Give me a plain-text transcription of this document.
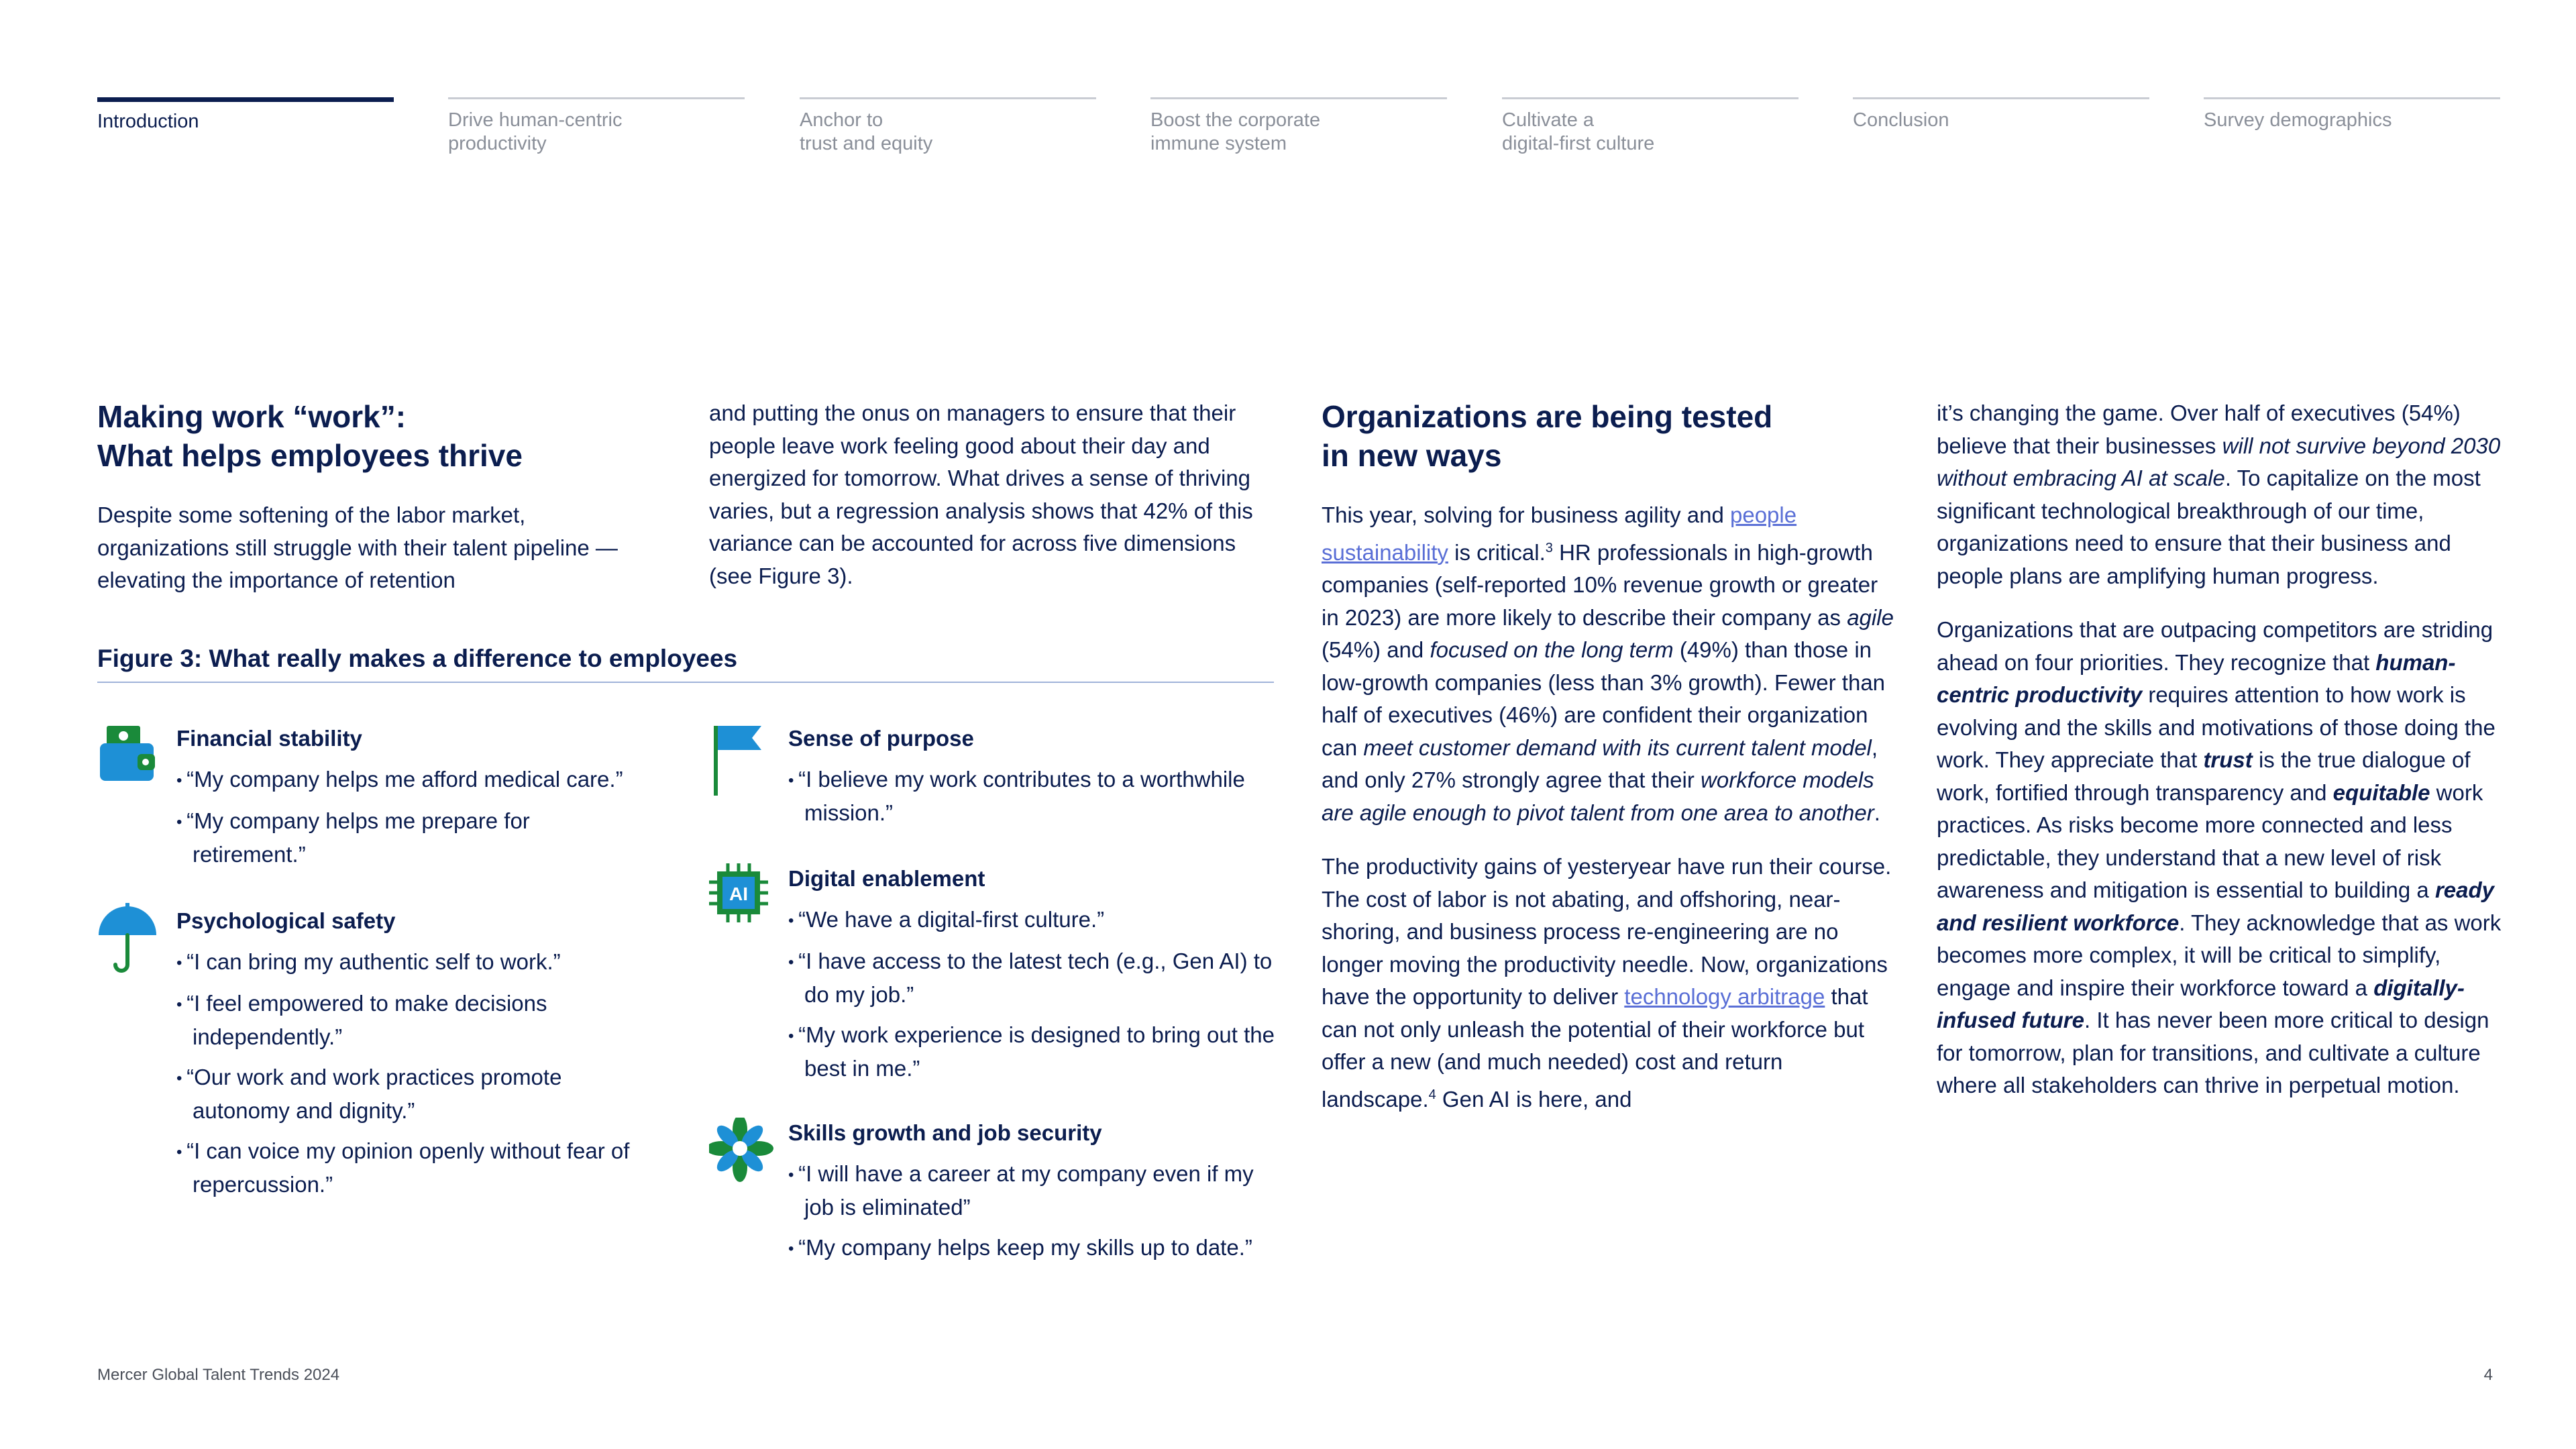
Introduction	Drive human-centric
productivity
Anchor to
trust and equity
Boost the corporate
immune system
Cultivate a
digital-first culture
Conclusion	Survey demographics
Making work “work”:
What helps employees thrive

Despite some softening of the labor market, organizations still struggle with their talent pipeline — elevating the importance of retention

and putting the onus on managers to ensure that their people leave work feeling good about their day and energized for tomorrow. What drives a sense of thriving varies, but a regression analysis shows that 42% of this variance can be accounted for across five dimensions (see Figure 3).

Figure 3: What really makes a difference to employees
Financial stability
• “My company helps me afford medical care.”
• “My company helps me prepare for retirement.”
Psychological safety
• “I can bring my authentic self to work.”
• “I feel empowered to make decisions independently.”
• “Our work and work practices promote autonomy and dignity.”
• “I can voice my opinion openly without fear of repercussion.”
Sense of purpose
• “I believe my work contributes to a worthwhile mission.”
AI
Digital enablement
• “We have a digital-first culture.”
• “I have access to the latest tech (e.g., Gen AI) to do my job.”
• “My work experience is designed to bring out the best in me.”
Skills growth and job security
• “I will have a career at my company even if my job is eliminated”
• “My company helps keep my skills up to date.”
Organizations are being tested
in new ways

This year, solving for business agility and people sustainability is critical.$^3$ HR professionals in high-growth companies (self-reported 10% revenue growth or greater in 2023) are more likely to describe their company as agile (54%) and focused on the long term (49%) than those in low-growth companies (less than 3% growth). Fewer than half of executives (46%) are confident their organization can meet customer demand with its current talent model, and only 27% strongly agree that their workforce models are agile enough to pivot talent from one area to another.

The productivity gains of yesteryear have run their course. The cost of labor is not abating, and offshoring, near-shoring, and business process re-engineering are no longer moving the productivity needle. Now, organizations have the opportunity to deliver technology arbitrage that can not only unleash the potential of their workforce but offer a new (and much needed) cost and return landscape.$^4$ Gen AI is here, and

it’s changing the game. Over half of executives (54%) believe that their businesses will not survive beyond 2030 without embracing AI at scale. To capitalize on the most significant technological breakthrough of our time, organizations need to ensure that their business and people plans are amplifying human progress.

Organizations that are outpacing competitors are striding ahead on four priorities. They recognize that human-centric productivity requires attention to how work is evolving and the skills and motivations of those doing the work. They appreciate that trust is the true dialogue of work, fortified through transparency and equitable work practices. As risks become more connected and less predictable, they understand that a new level of risk awareness and mitigation is essential to building a ready and resilient workforce. They acknowledge that as work becomes more complex, it will be critical to simplify, engage and inspire their workforce toward a digitally-infused future. It has never been more critical to design for tomorrow, plan for transitions, and cultivate a culture where all stakeholders can thrive in perpetual motion.

Mercer Global Talent Trends 2024	4
